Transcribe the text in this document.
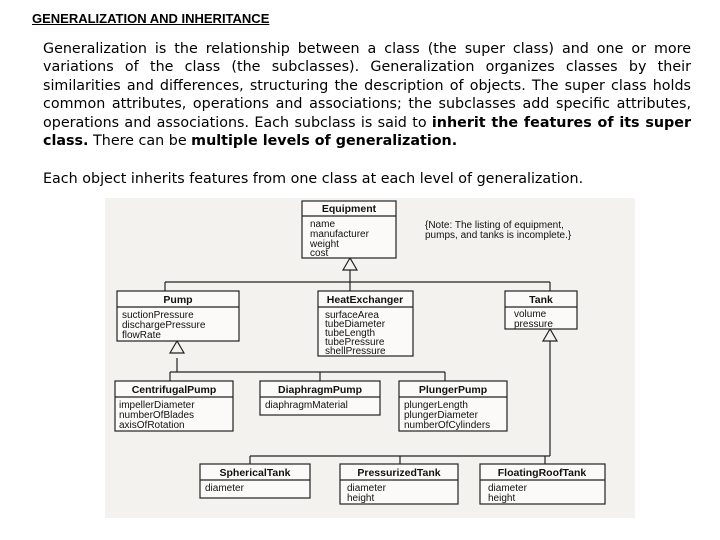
GENERALIZATION AND INHERITANCE

Generalization is the relationship between a class (the super class) and one or more variations of the class (the subclasses). Generalization organizes classes by their similarities and differences, structuring the description of objects. The super class holds common attributes, operations and associations; the subclasses add specific attributes, operations and associations. Each subclass is said to inherit the features of its super class. There can be multiple levels of generalization.

Each object inherits features from one class at each level of generalization.
Equipment
Pump	HeatExchanger	Tank
CentrifugalPump	DiaphragmPump	PlungerPump
SphericalTank	PressurizedTank	FloatingRoofTank
name
manufacturer
weight
cost
suctionPressure
dischargePressure
flowRate
surfaceArea
tubeDiameter
tubeLength
tubePressure
shellPressure
volume
pressure
impellerDiameter
numberOfBlades
axisOfRotation
diaphragmMaterial	plungerLength
plungerDiameter
numberOfCylinders
diameter	diameter
height
diameter
height
{Note: The listing of equipment,
pumps, and tanks is incomplete.}
